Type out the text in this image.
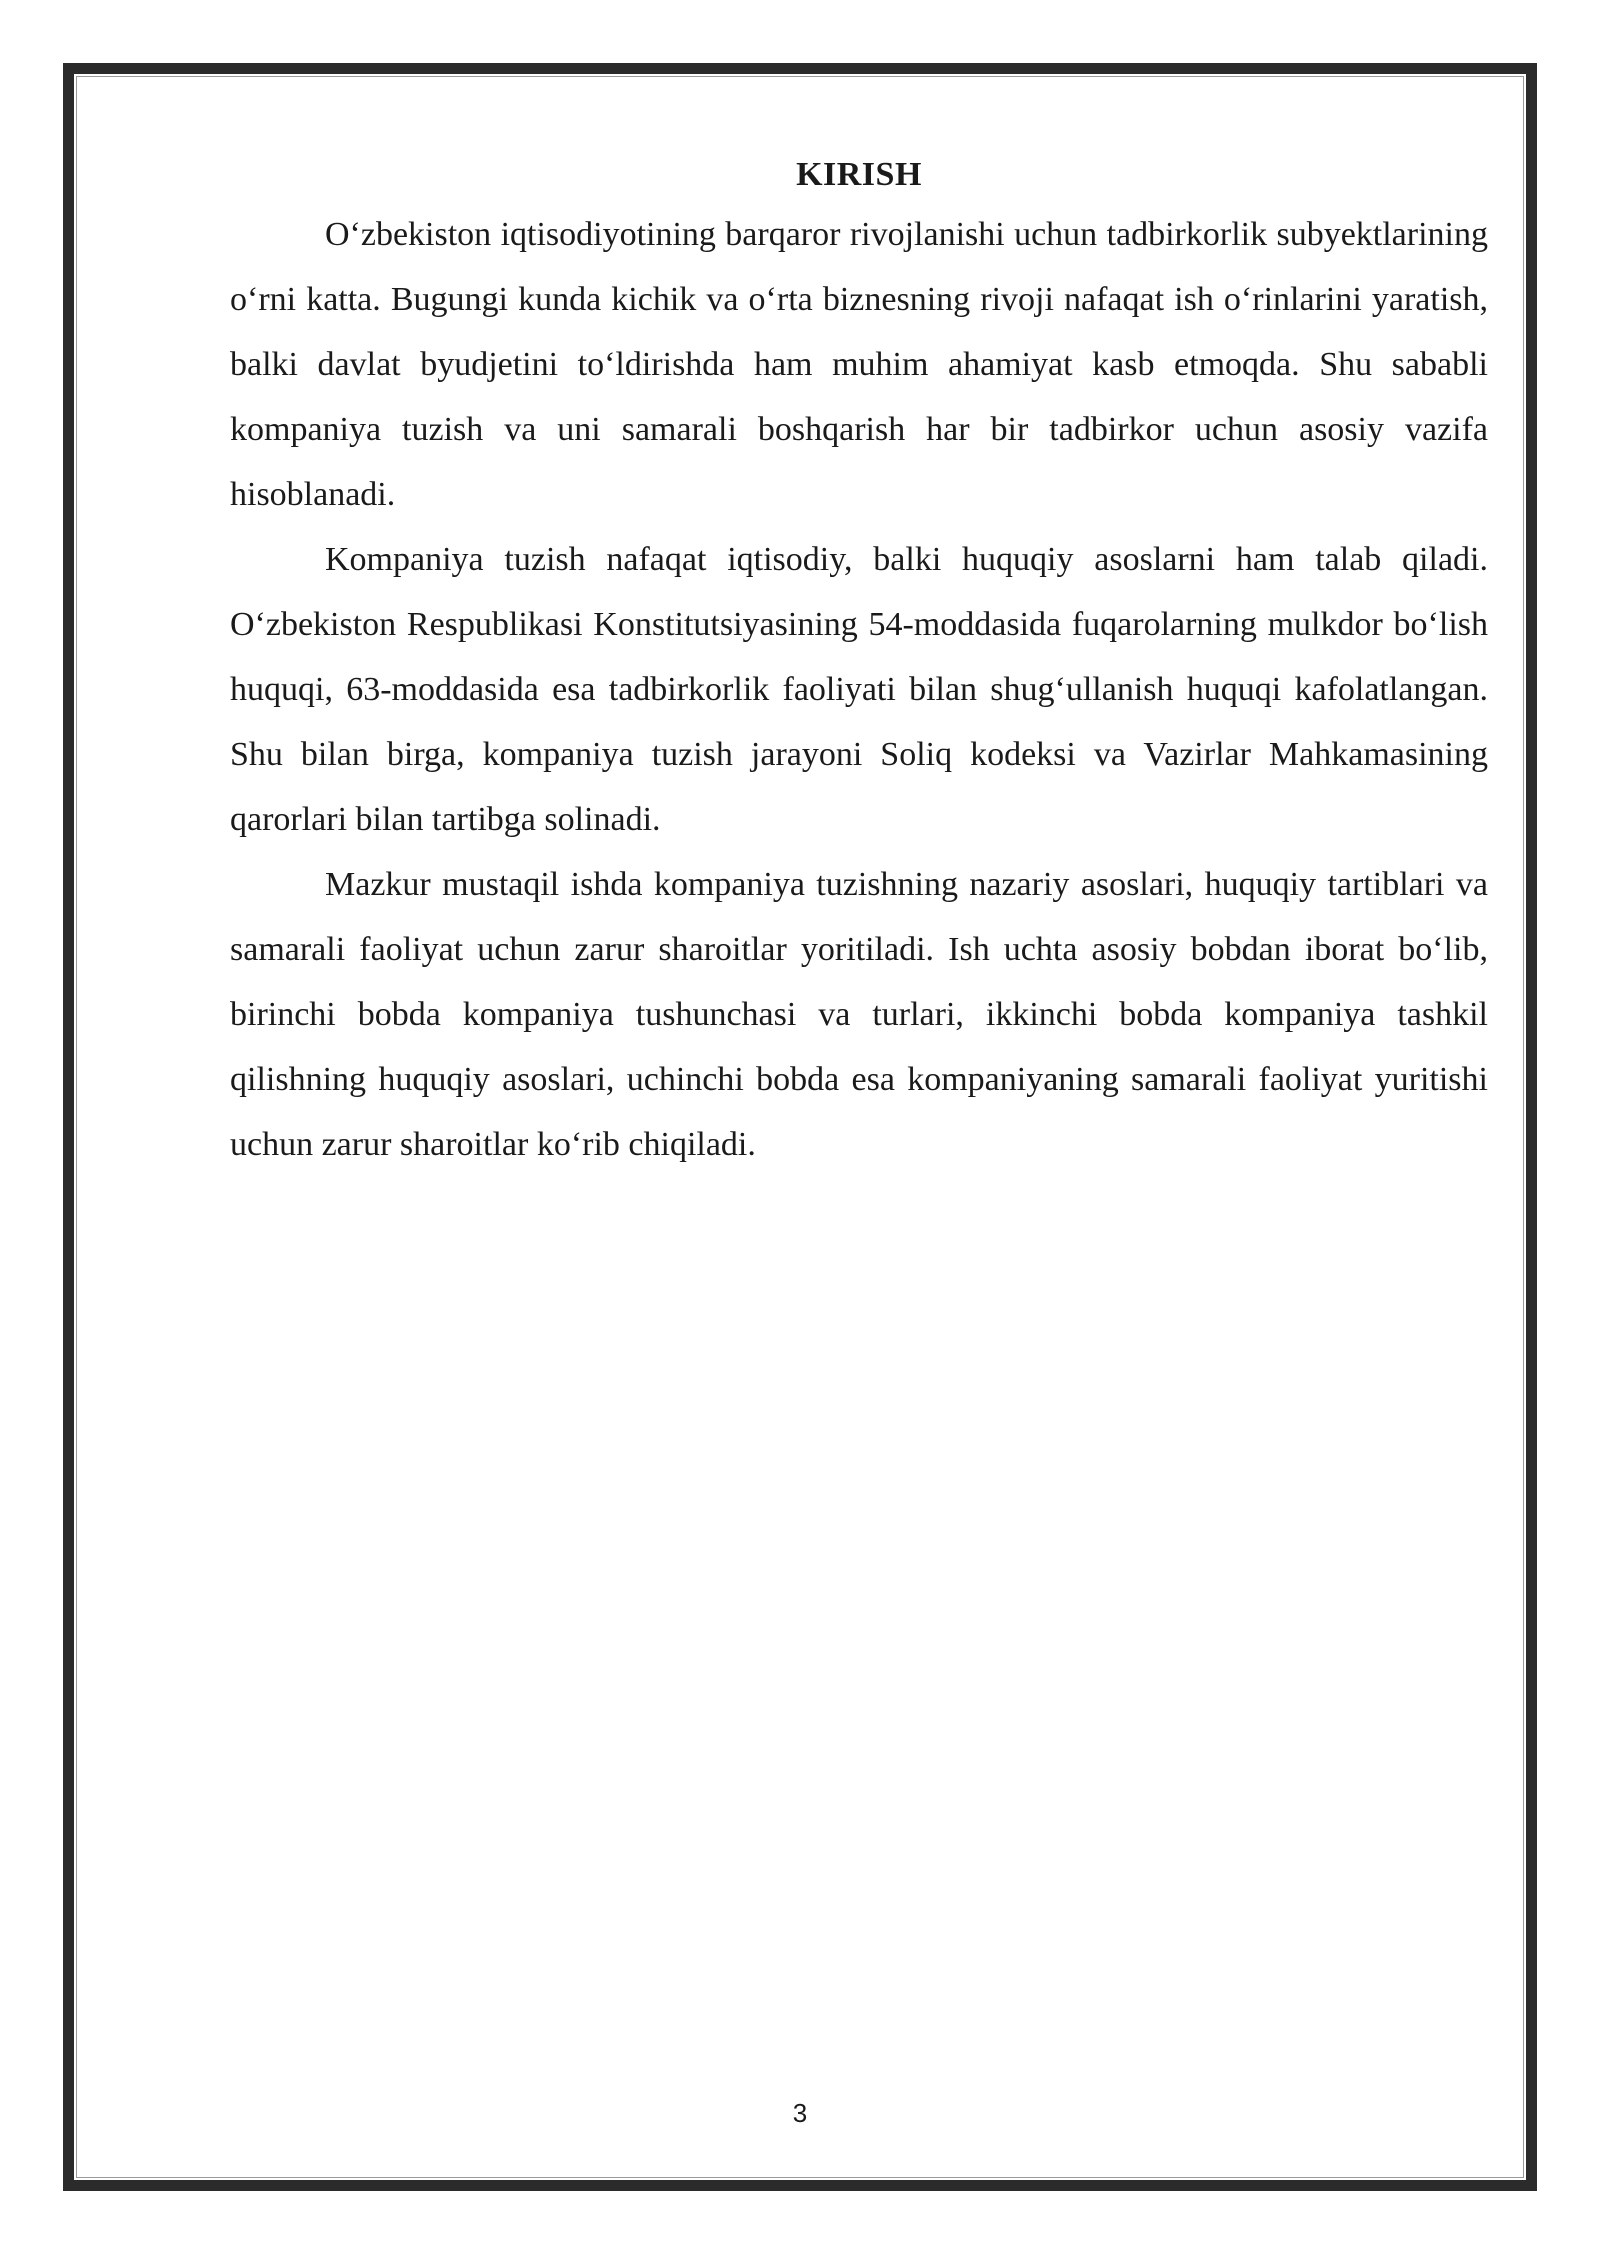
KIRISH

O‘zbekiston iqtisodiyotining barqaror rivojlanishi uchun tadbirkorlik subyektlarining o‘rni katta. Bugungi kunda kichik va o‘rta biznesning rivoji nafaqat ish o‘rinlarini yaratish, balki davlat byudjetini to‘ldirishda ham muhim ahamiyat kasb etmoqda. Shu sababli kompaniya tuzish va uni samarali boshqarish har bir tadbirkor uchun asosiy vazifa hisoblanadi.

Kompaniya tuzish nafaqat iqtisodiy, balki huquqiy asoslarni ham talab qiladi. O‘zbekiston Respublikasi Konstitutsiyasining 54-moddasida fuqarolarning mulkdor bo‘lish huquqi, 63-moddasida esa tadbirkorlik faoliyati bilan shug‘ullanish huquqi kafolatlangan. Shu bilan birga, kompaniya tuzish jarayoni Soliq kodeksi va Vazirlar Mahkamasining qarorlari bilan tartibga solinadi.

Mazkur mustaqil ishda kompaniya tuzishning nazariy asoslari, huquqiy tartiblari va samarali faoliyat uchun zarur sharoitlar yoritiladi. Ish uchta asosiy bobdan iborat bo‘lib, birinchi bobda kompaniya tushunchasi va turlari, ikkinchi bobda kompaniya tashkil qilishning huquqiy asoslari, uchinchi bobda esa kompaniyaning samarali faoliyat yuritishi uchun zarur sharoitlar ko‘rib chiqiladi.

3
